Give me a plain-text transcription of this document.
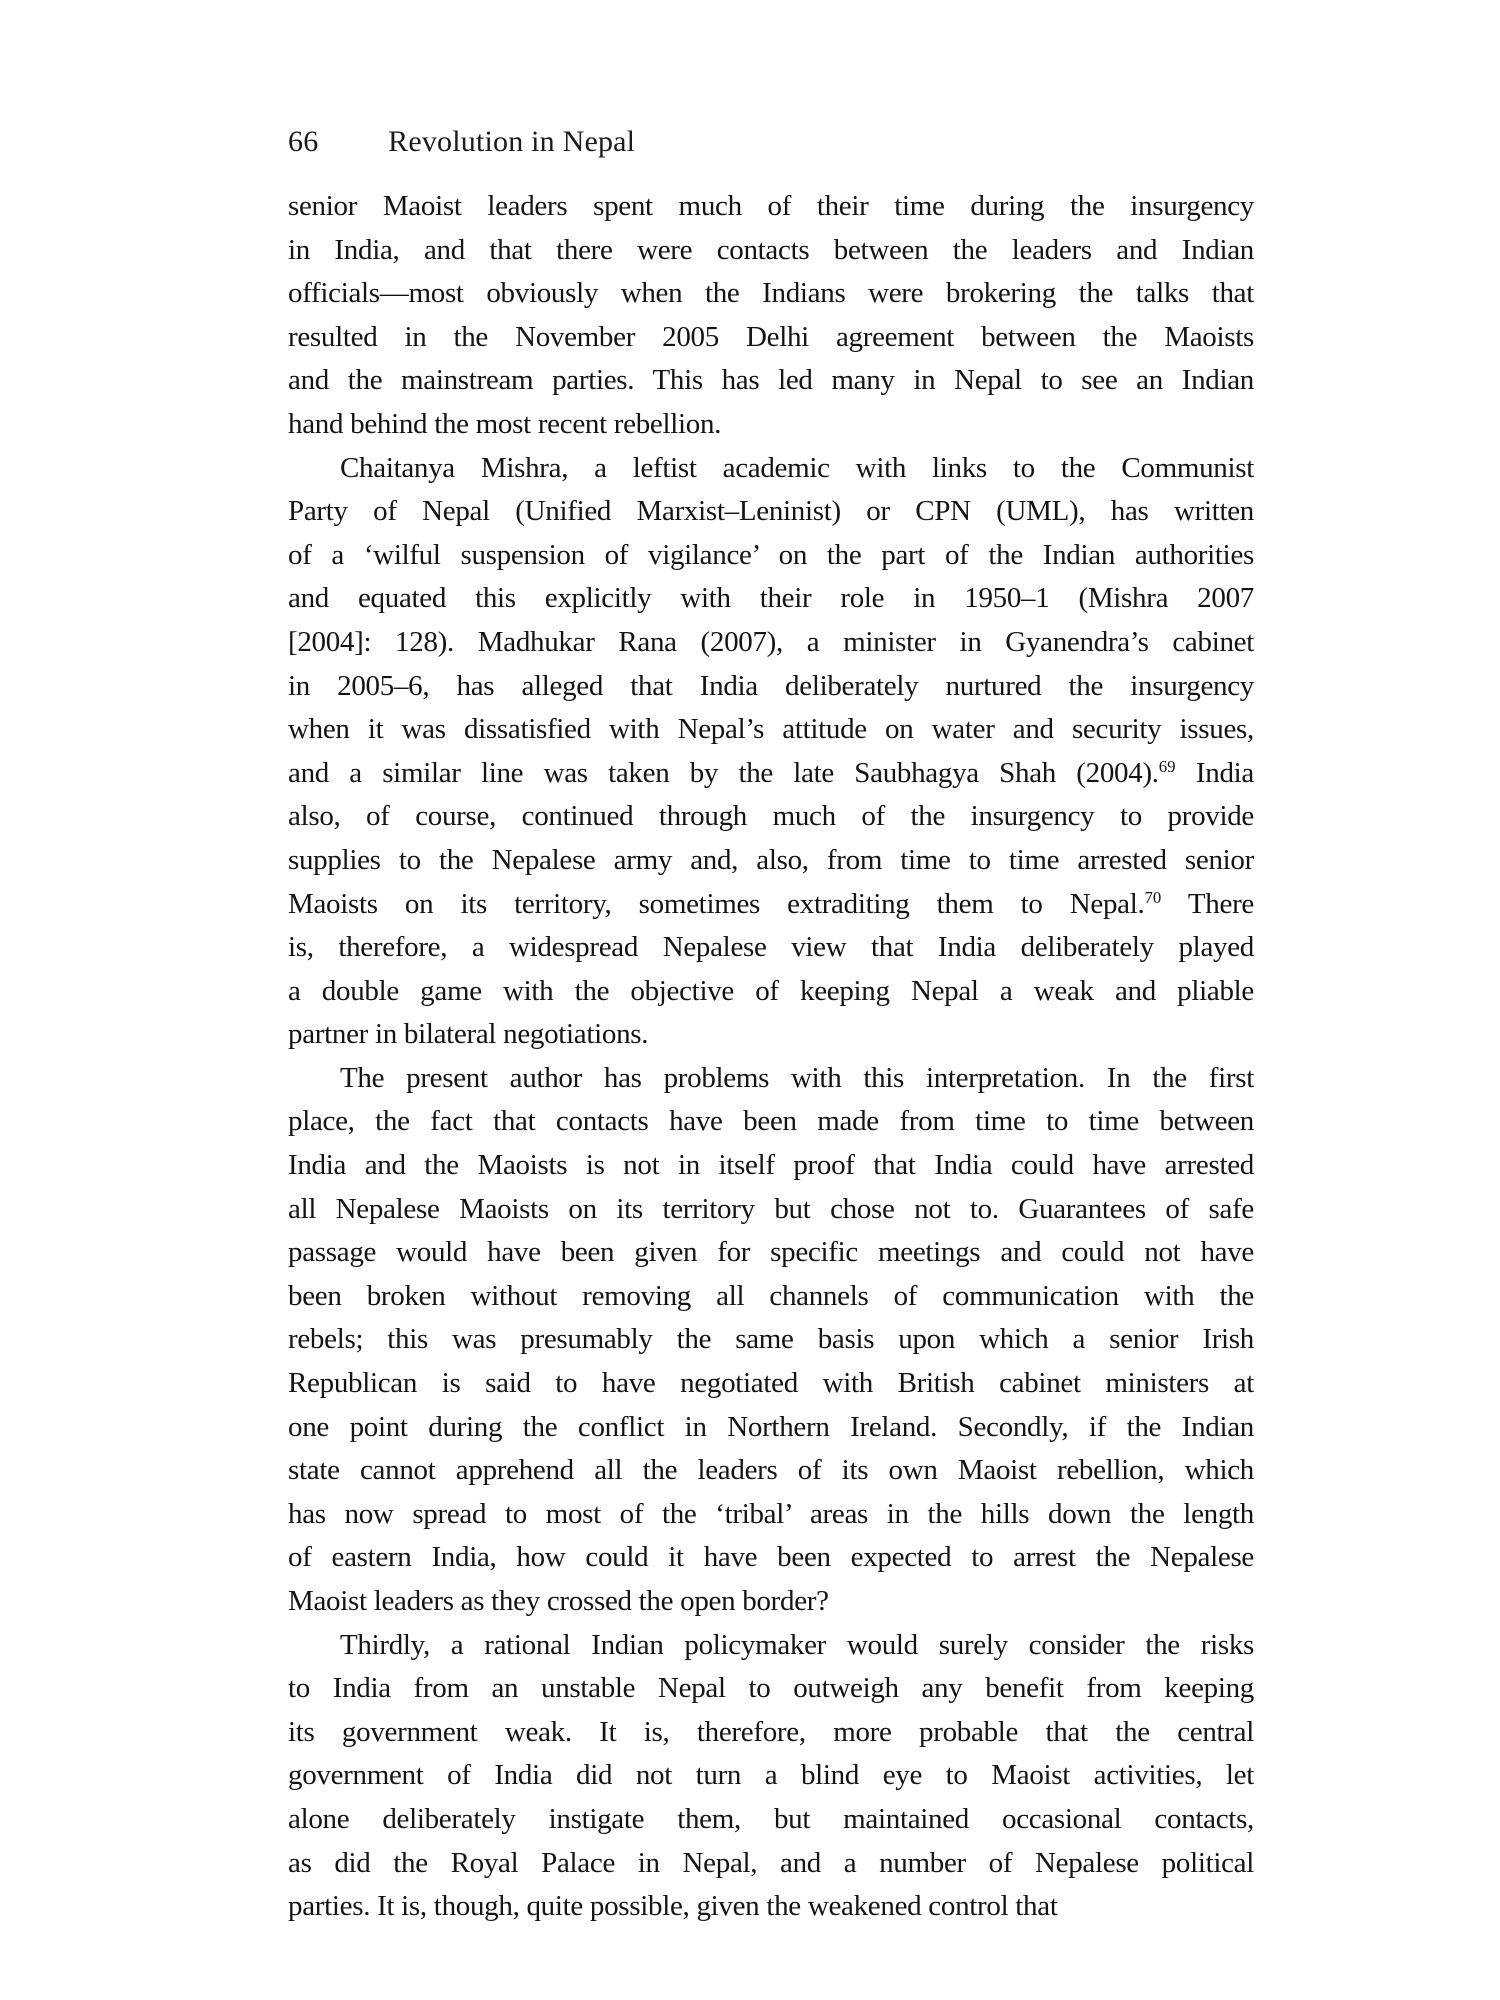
66 Revolution in Nepal
senior Maoist leaders spent much of their time during the insurgency
in India, and that there were contacts between the leaders and Indian
officials—most obviously when the Indians were brokering the talks that
resulted in the November 2005 Delhi agreement between the Maoists
and the mainstream parties. This has led many in Nepal to see an Indian
hand behind the most recent rebellion.
Chaitanya Mishra, a leftist academic with links to the Communist
Party of Nepal (Unified Marxist–Leninist) or CPN (UML), has written
of a ‘wilful suspension of vigilance’ on the part of the Indian authorities
and equated this explicitly with their role in 1950–1 (Mishra 2007
[2004]: 128). Madhukar Rana (2007), a minister in Gyanendra’s cabinet
in 2005–6, has alleged that India deliberately nurtured the insurgency
when it was dissatisfied with Nepal’s attitude on water and security issues,
and a similar line was taken by the late Saubhagya Shah (2004).$^{69}$ India
also, of course, continued through much of the insurgency to provide
supplies to the Nepalese army and, also, from time to time arrested senior
Maoists on its territory, sometimes extraditing them to Nepal.$^{70}$ There
is, therefore, a widespread Nepalese view that India deliberately played
a double game with the objective of keeping Nepal a weak and pliable
partner in bilateral negotiations.
The present author has problems with this interpretation. In the first
place, the fact that contacts have been made from time to time between
India and the Maoists is not in itself proof that India could have arrested
all Nepalese Maoists on its territory but chose not to. Guarantees of safe
passage would have been given for specific meetings and could not have
been broken without removing all channels of communication with the
rebels; this was presumably the same basis upon which a senior Irish
Republican is said to have negotiated with British cabinet ministers at
one point during the conflict in Northern Ireland. Secondly, if the Indian
state cannot apprehend all the leaders of its own Maoist rebellion, which
has now spread to most of the ‘tribal’ areas in the hills down the length
of eastern India, how could it have been expected to arrest the Nepalese
Maoist leaders as they crossed the open border?
Thirdly, a rational Indian policymaker would surely consider the risks
to India from an unstable Nepal to outweigh any benefit from keeping
its government weak. It is, therefore, more probable that the central
government of India did not turn a blind eye to Maoist activities, let
alone deliberately instigate them, but maintained occasional contacts,
as did the Royal Palace in Nepal, and a number of Nepalese political
parties. It is, though, quite possible, given the weakened control that
